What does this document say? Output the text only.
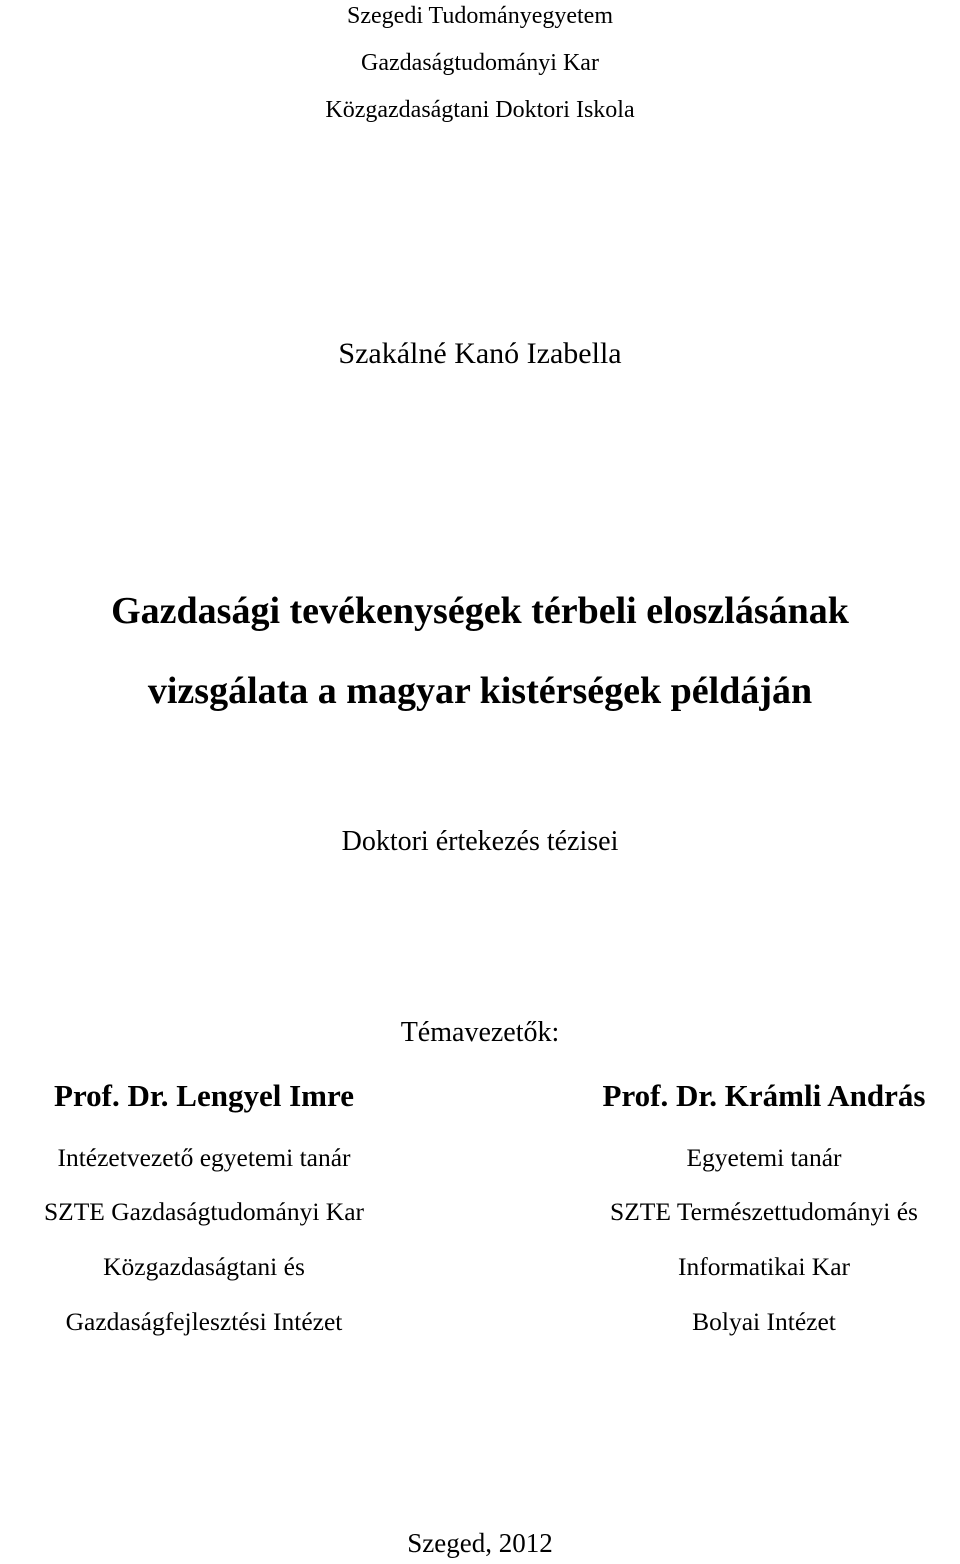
Szegedi Tudományegyetem
Gazdaságtudományi Kar
Közgazdaságtani Doktori Iskola
Szakálné Kanó Izabella
Gazdasági tevékenységek térbeli eloszlásának
vizsgálata a magyar kistérségek példáján
Doktori értekezés tézisei
Témavezetők:
Prof. Dr. Lengyel Imre
Intézetvezető egyetemi tanár
SZTE Gazdaságtudományi Kar
Közgazdaságtani és
Gazdaságfejlesztési Intézet
Prof. Dr. Krámli András
Egyetemi tanár
SZTE Természettudományi és
Informatikai Kar
Bolyai Intézet
Szeged, 2012
